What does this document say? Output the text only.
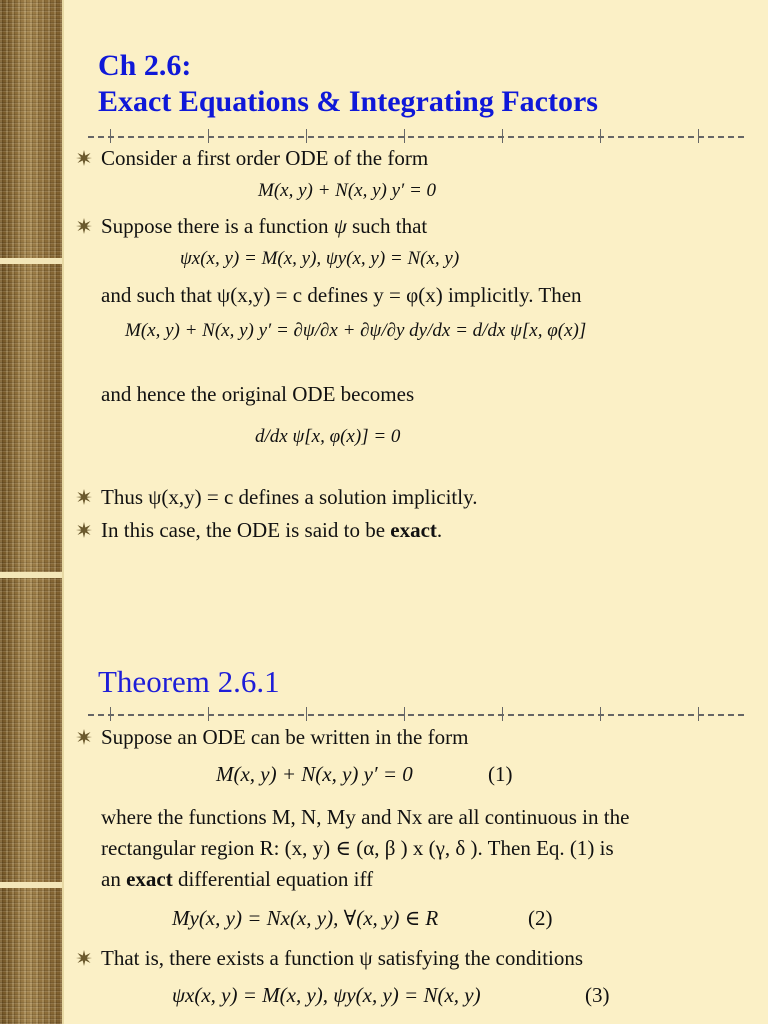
Ch 2.6:
Exact Equations & Integrating Factors
Consider a first order ODE of the form
M(x, y) + N(x, y) y′ = 0
Suppose there is a function ψ such that
ψx(x, y) = M(x, y), ψy(x, y) = N(x, y)
and such that ψ(x,y) = c defines y = φ(x) implicitly. Then
M(x, y) + N(x, y) y′ = ∂ψ/∂x + ∂ψ/∂y dy/dx = d/dx ψ[x, φ(x)]
and hence the original ODE becomes
d/dx ψ[x, φ(x)] = 0
Thus ψ(x,y) = c defines a solution implicitly.
In this case, the ODE is said to be exact.
Theorem 2.6.1
Suppose an ODE can be written in the form
M(x, y) + N(x, y) y′ = 0	(1)
where the functions M, N, My and Nx are all continuous in the
rectangular region R: (x, y) ∈ (α, β ) x (γ, δ ). Then Eq. (1) is
an exact differential equation iff
My(x, y) = Nx(x, y), ∀(x, y) ∈ R	(2)
That is, there exists a function ψ satisfying the conditions
ψx(x, y) = M(x, y), ψy(x, y) = N(x, y)	(3)
